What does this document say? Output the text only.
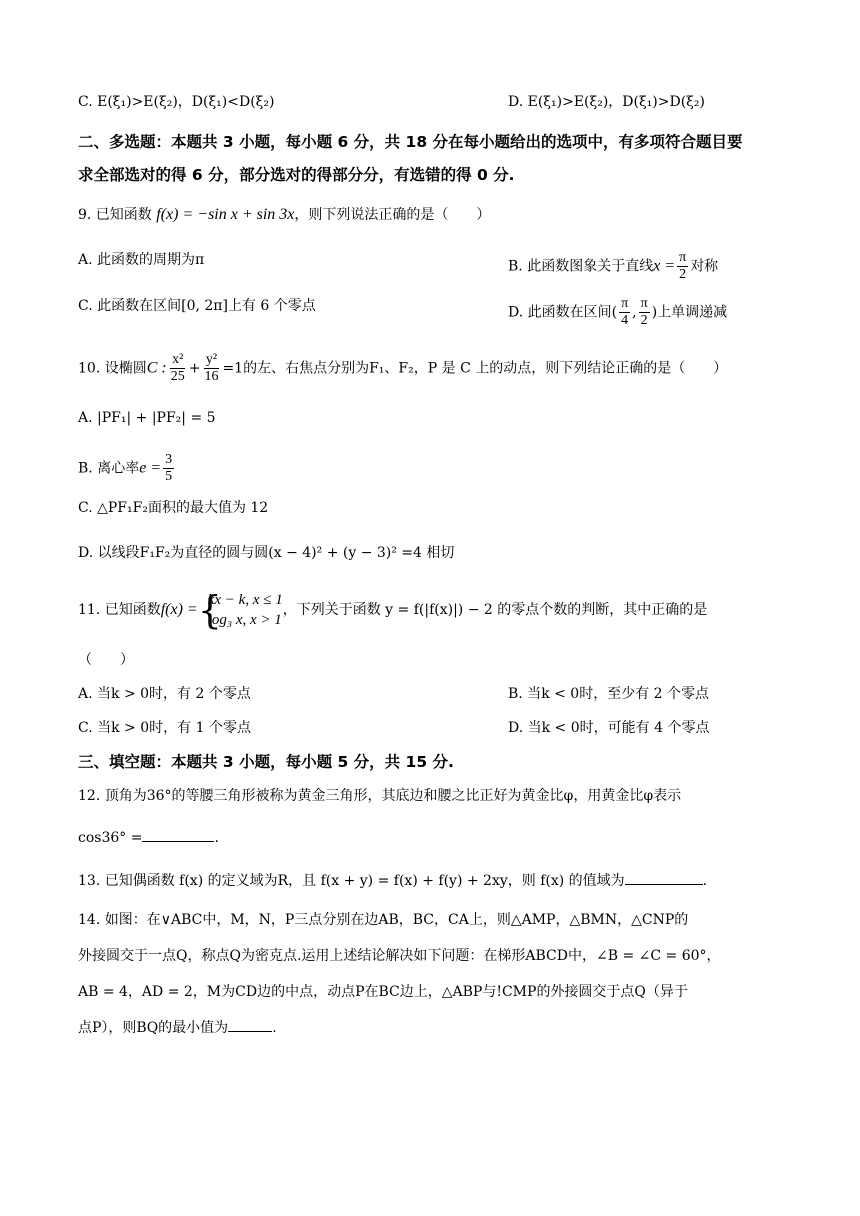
C. E(ξ₁)>E(ξ₂)，D(ξ₁)<D(ξ₂)	D. E(ξ₁)>E(ξ₂)，D(ξ₁)>D(ξ₂)
二、多选题：本题共 3 小题，每小题 6 分，共 18 分在每小题给出的选项中，有多项符合题目要
求全部选对的得 6 分，部分选对的得部分分，有选错的得 0 分.
9. 已知函数 f(x) = −sin x + sin 3x，则下列说法正确的是（　　）
A. 此函数的周期为π	B. 此函数图象关于直线$x = \frac{\pi}{2}$ 对称
C. 此函数在区间[0, 2π]上有 6 个零点	D. 此函数在区间( $\frac{\pi}{4}$ , $\frac{\pi}{2}$ )上单调递减
10. 设椭圆C : $\frac{\text{x²}}{25} + \frac{\text{y²}}{16} =1$的左、右焦点分别为F₁、F₂，P 是 C 上的动点，则下列结论正确的是（　　）
A. |PF₁| + |PF₂| = 5
B. 离心率$e = \frac{3}{5}$
C. △PF₁F₂面积的最大值为 12
D. 以线段F₁F₂为直径的圆与圆(x − 4)² + (y − 3)² =4 相切
11. 已知函数f(x) = {
kx − k, x ≤ 1
log₃ x, x > 1
，下列关于函数 y = f(|f(x)|) − 2 的零点个数的判断，其中正确的是
（　　）
A. 当k > 0时，有 2 个零点	B. 当k < 0时，至少有 2 个零点
C. 当k > 0时，有 1 个零点	D. 当k < 0时，可能有 4 个零点
三、填空题：本题共 3 小题，每小题 5 分，共 15 分.
12. 顶角为36°的等腰三角形被称为黄金三角形，其底边和腰之比正好为黄金比φ，用黄金比φ表示
cos36° =	.
13. 已知偶函数 f(x) 的定义域为R，且 f(x + y) = f(x) + f(y) + 2xy，则 f(x) 的值域为	.
14. 如图：在∨ABC中，M，N，P三点分别在边AB，BC，CA上，则△AMP，△BMN，△CNP的
外接圆交于一点Q，称点Q为密克点.运用上述结论解决如下问题：在梯形ABCD中，∠B = ∠C = 60°，
AB = 4，AD = 2，M为CD边的中点，动点P在BC边上，△ABP与!CMP的外接圆交于点Q（异于
点P），则BQ的最小值为	.
